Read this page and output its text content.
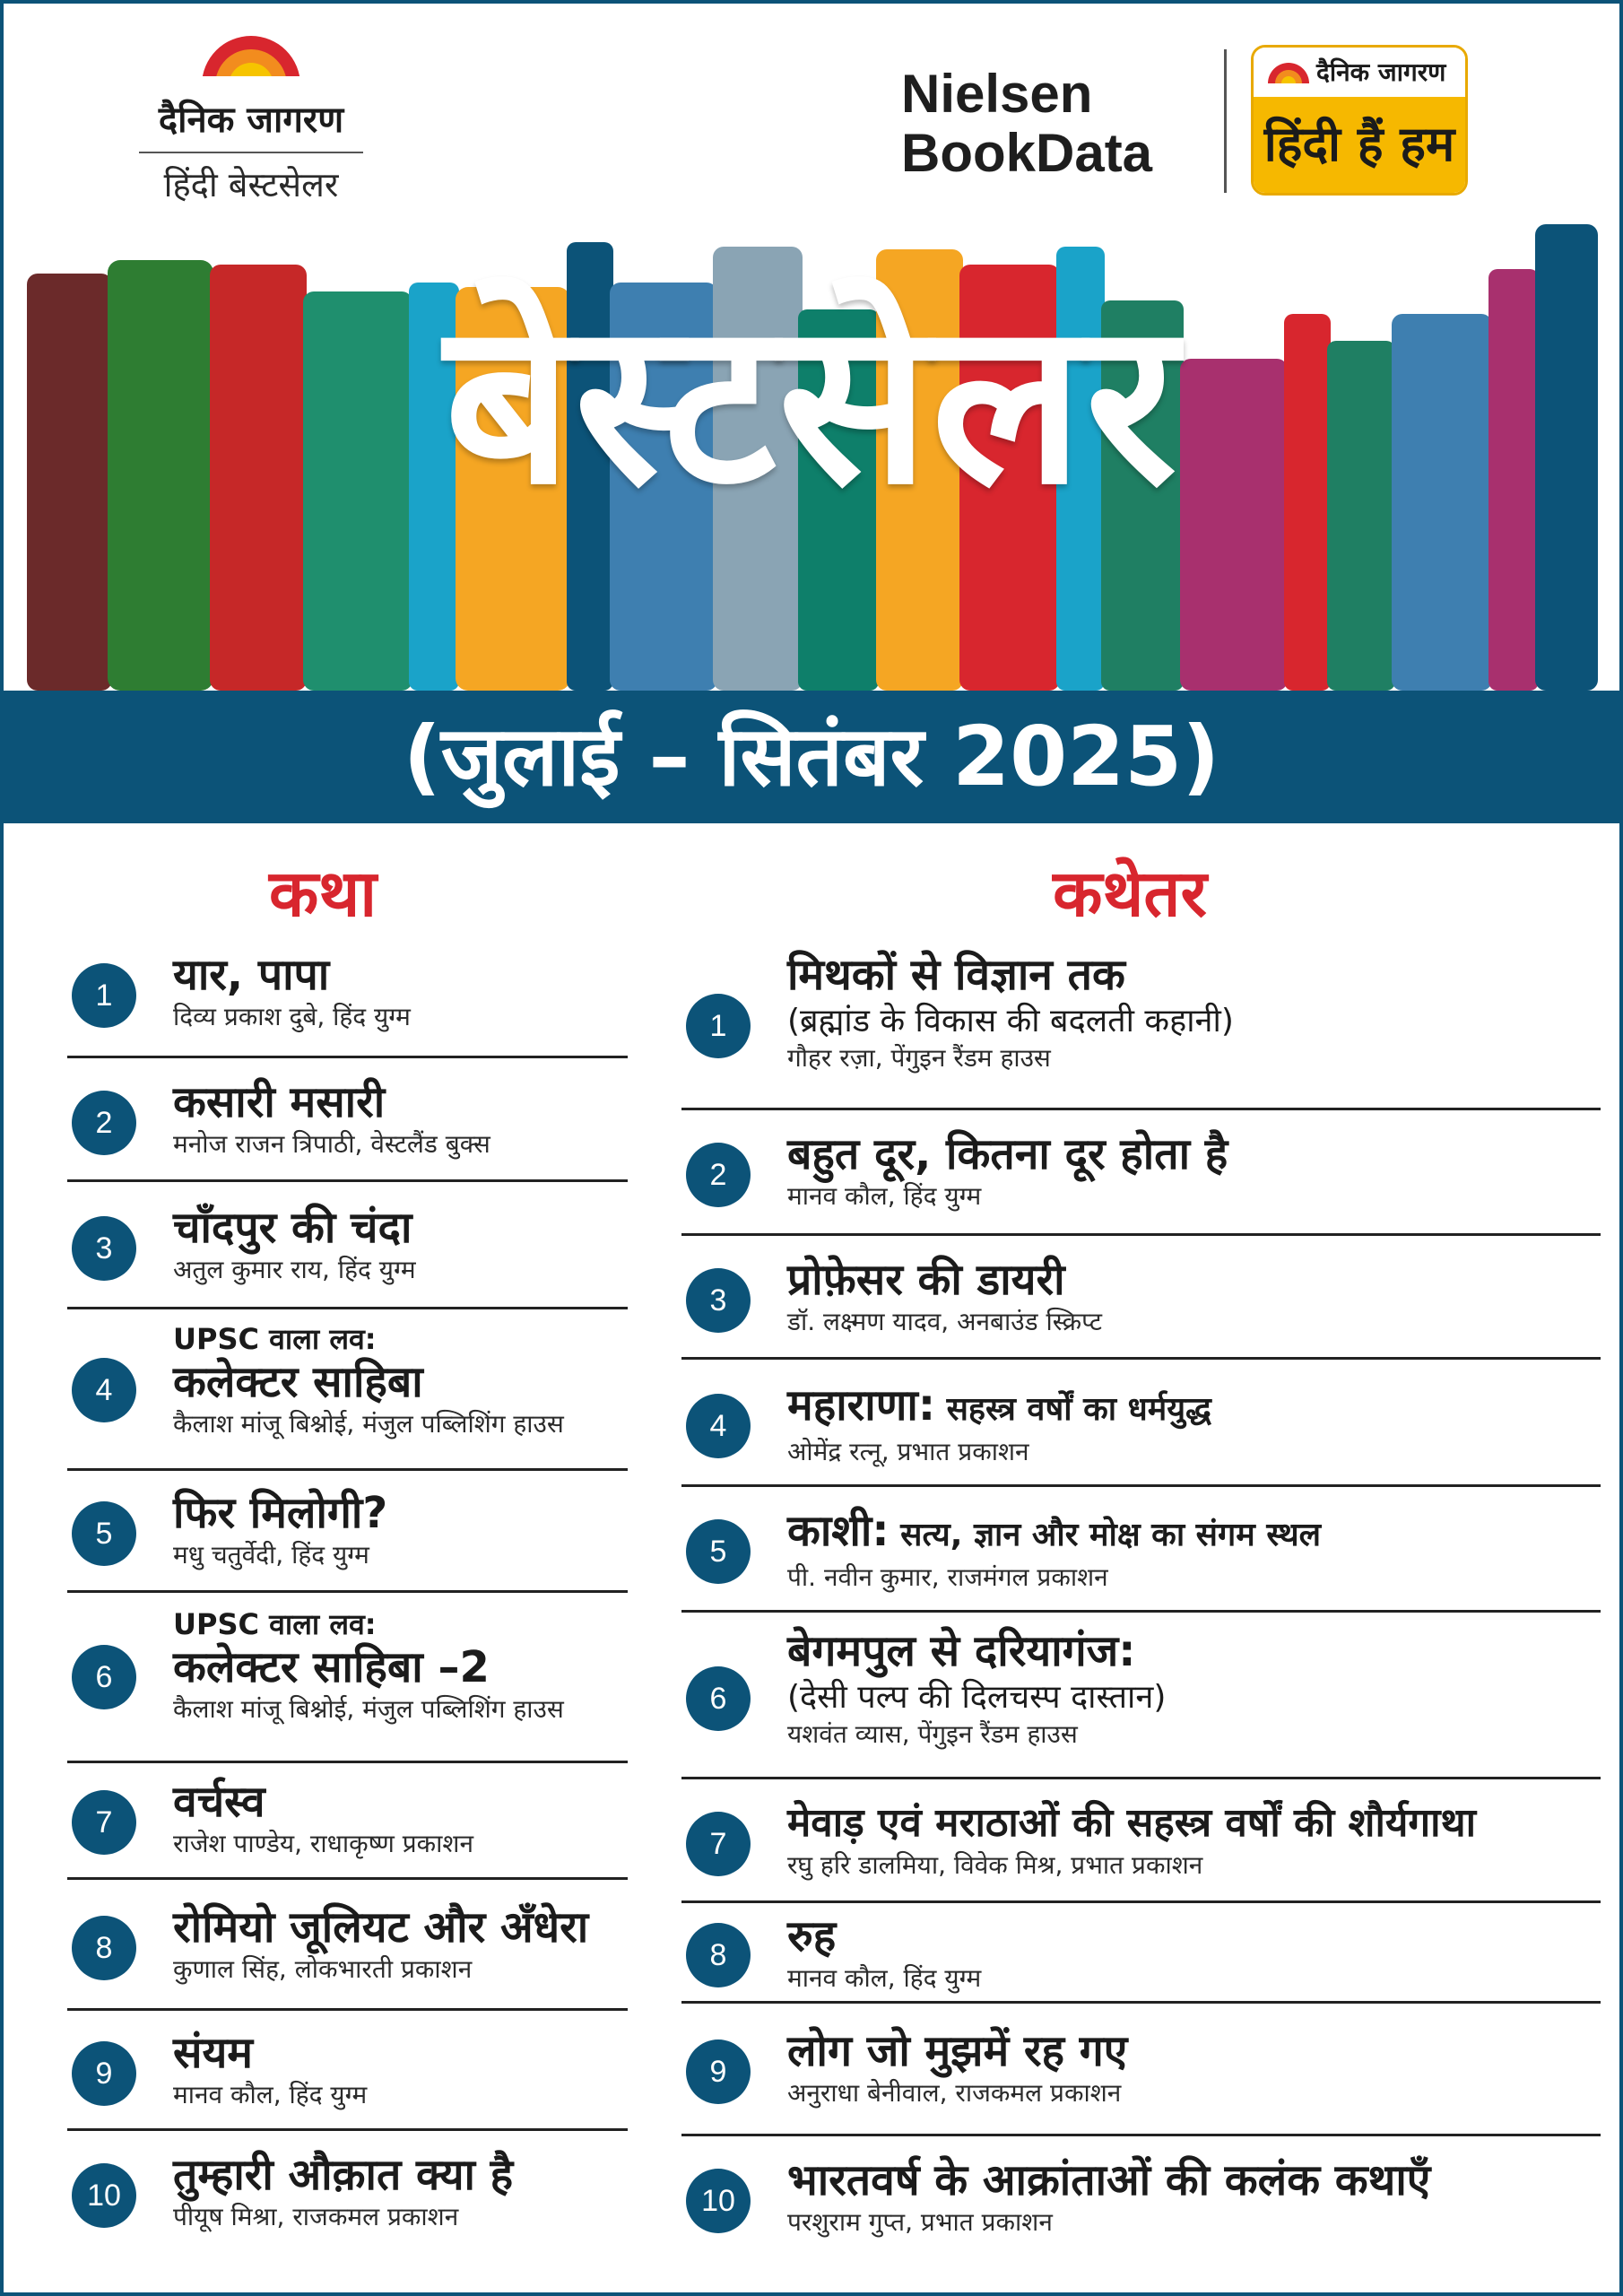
दैनिक जागरण
हिंदी बेस्टसेलर
Nielsen
BookData
दैनिक जागरण
हिंदी हैं हम
बेस्टसेलर
(जुलाई – सितंबर 2025)
कथा	कथेतर
1	यार, पापा
दिव्य प्रकाश दुबे, हिंद युग्म
2	कसारी मसारी
मनोज राजन त्रिपाठी, वेस्टलैंड बुक्स
3	चाँदपुर की चंदा
अतुल कुमार राय, हिंद युग्म
4
UPSC वाला लव:
कलेक्टर साहिबा
कैलाश मांजू बिश्नोई, मंजुल पब्लिशिंग हाउस
5	फिर मिलोगी?
मधु चतुर्वेदी, हिंद युग्म
6
UPSC वाला लव:
कलेक्टर साहिबा –2
कैलाश मांजू बिश्नोई, मंजुल पब्लिशिंग हाउस
7	वर्चस्व
राजेश पाण्डेय, राधाकृष्ण प्रकाशन
8	रोमियो जूलियट और अँधेरा
कुणाल सिंह, लोकभारती प्रकाशन
9	संयम
मानव कौल, हिंद युग्म
10	तुम्हारी औक़ात क्या है
पीयूष मिश्रा, राजकमल प्रकाशन
1
मिथकों से विज्ञान तक
(ब्रह्मांड के विकास की बदलती कहानी)
गौहर रज़ा, पेंगुइन रैंडम हाउस
2	बहुत दूर, कितना दूर होता है
मानव कौल, हिंद युग्म
3	प्रोफ़ेसर की डायरी
डॉ. लक्ष्मण यादव, अनबाउंड स्क्रिप्ट
4	महाराणा: सहस्त्र वर्षों का धर्मयुद्ध
ओमेंद्र रत्नू, प्रभात प्रकाशन
5	काशी: सत्य, ज्ञान और मोक्ष का संगम स्थल
पी. नवीन कुमार, राजमंगल प्रकाशन
6
बेगमपुल से दरियागंज:
(देसी पल्प की दिलचस्प दास्तान)
यशवंत व्यास, पेंगुइन रैंडम हाउस
7	मेवाड़ एवं मराठाओं की सहस्त्र वर्षों की शौर्यगाथा
रघु हरि डालमिया, विवेक मिश्र, प्रभात प्रकाशन
8	रुह
मानव कौल, हिंद युग्म
9	लोग जो मुझमें रह गए
अनुराधा बेनीवाल, राजकमल प्रकाशन
10	भारतवर्ष के आक्रांताओं की कलंक कथाएँ
परशुराम गुप्त, प्रभात प्रकाशन
